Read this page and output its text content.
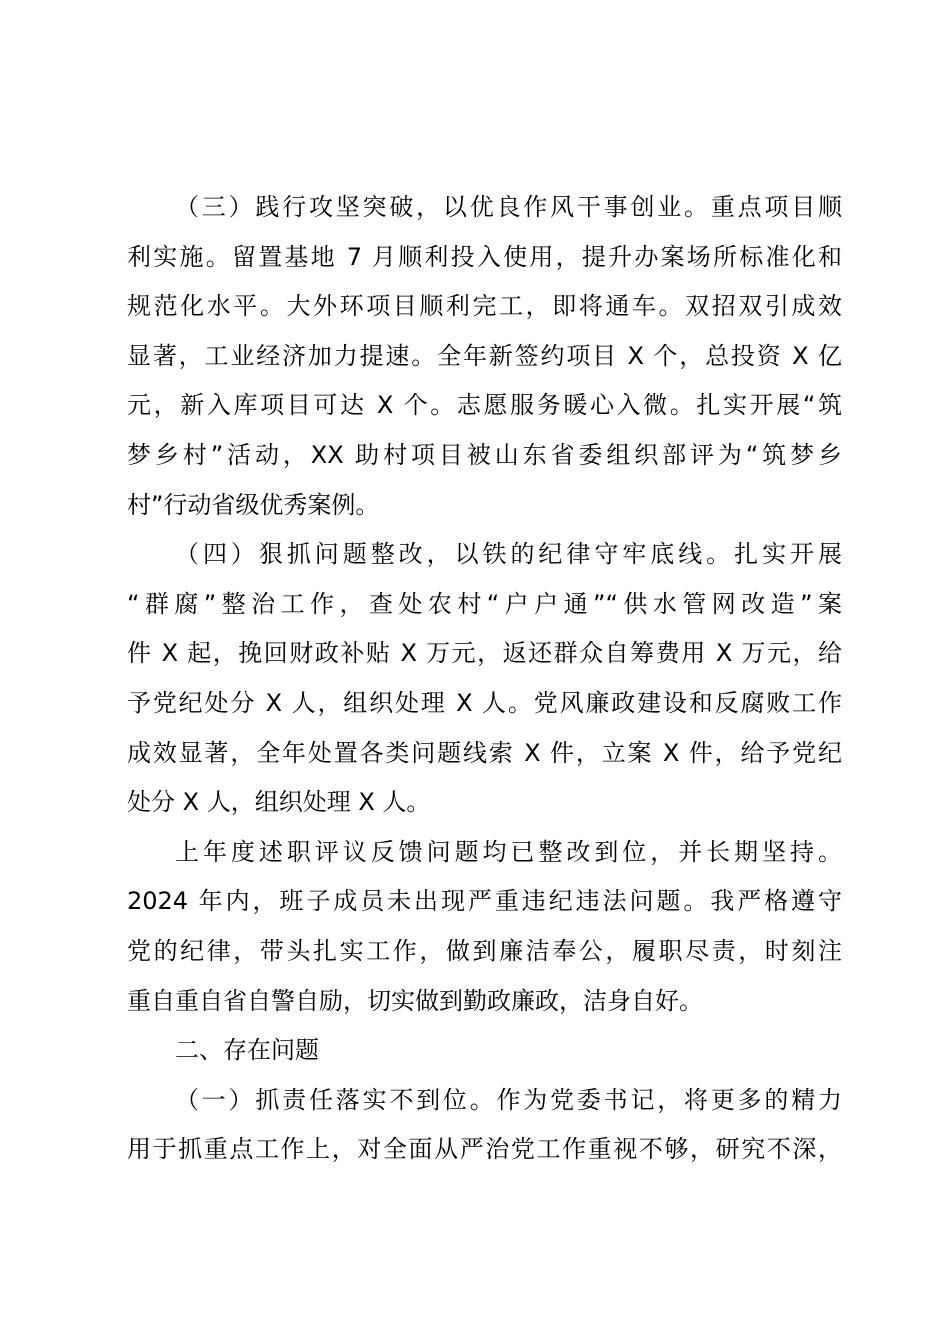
（三）践行攻坚突破，以优良作风干事创业。重点项目顺
利实施。留置基地 7 月顺利投入使用，提升办案场所标准化和
规范化水平。大外环项目顺利完工，即将通车。双招双引成效
显著，工业经济加力提速。全年新签约项目 X 个，总投资 X 亿
元，新入库项目可达 X 个。志愿服务暖心入微。扎实开展“筑
梦乡村”活动，XX 助村项目被山东省委组织部评为“筑梦乡
村”行动省级优秀案例。
（四）狠抓问题整改，以铁的纪律守牢底线。扎实开展
“群腐”整治工作，查处农村“户户通”“供水管网改造”案
件 X 起，挽回财政补贴 X 万元，返还群众自筹费用 X 万元，给
予党纪处分 X 人，组织处理 X 人。党风廉政建设和反腐败工作
成效显著，全年处置各类问题线索 X 件，立案 X 件，给予党纪
处分 X 人，组织处理 X 人。
上年度述职评议反馈问题均已整改到位，并长期坚持。
2024 年内，班子成员未出现严重违纪违法问题。我严格遵守
党的纪律，带头扎实工作，做到廉洁奉公，履职尽责，时刻注
重自重自省自警自励，切实做到勤政廉政，洁身自好。
二、存在问题
（一）抓责任落实不到位。作为党委书记，将更多的精力
用于抓重点工作上，对全面从严治党工作重视不够，研究不深，
